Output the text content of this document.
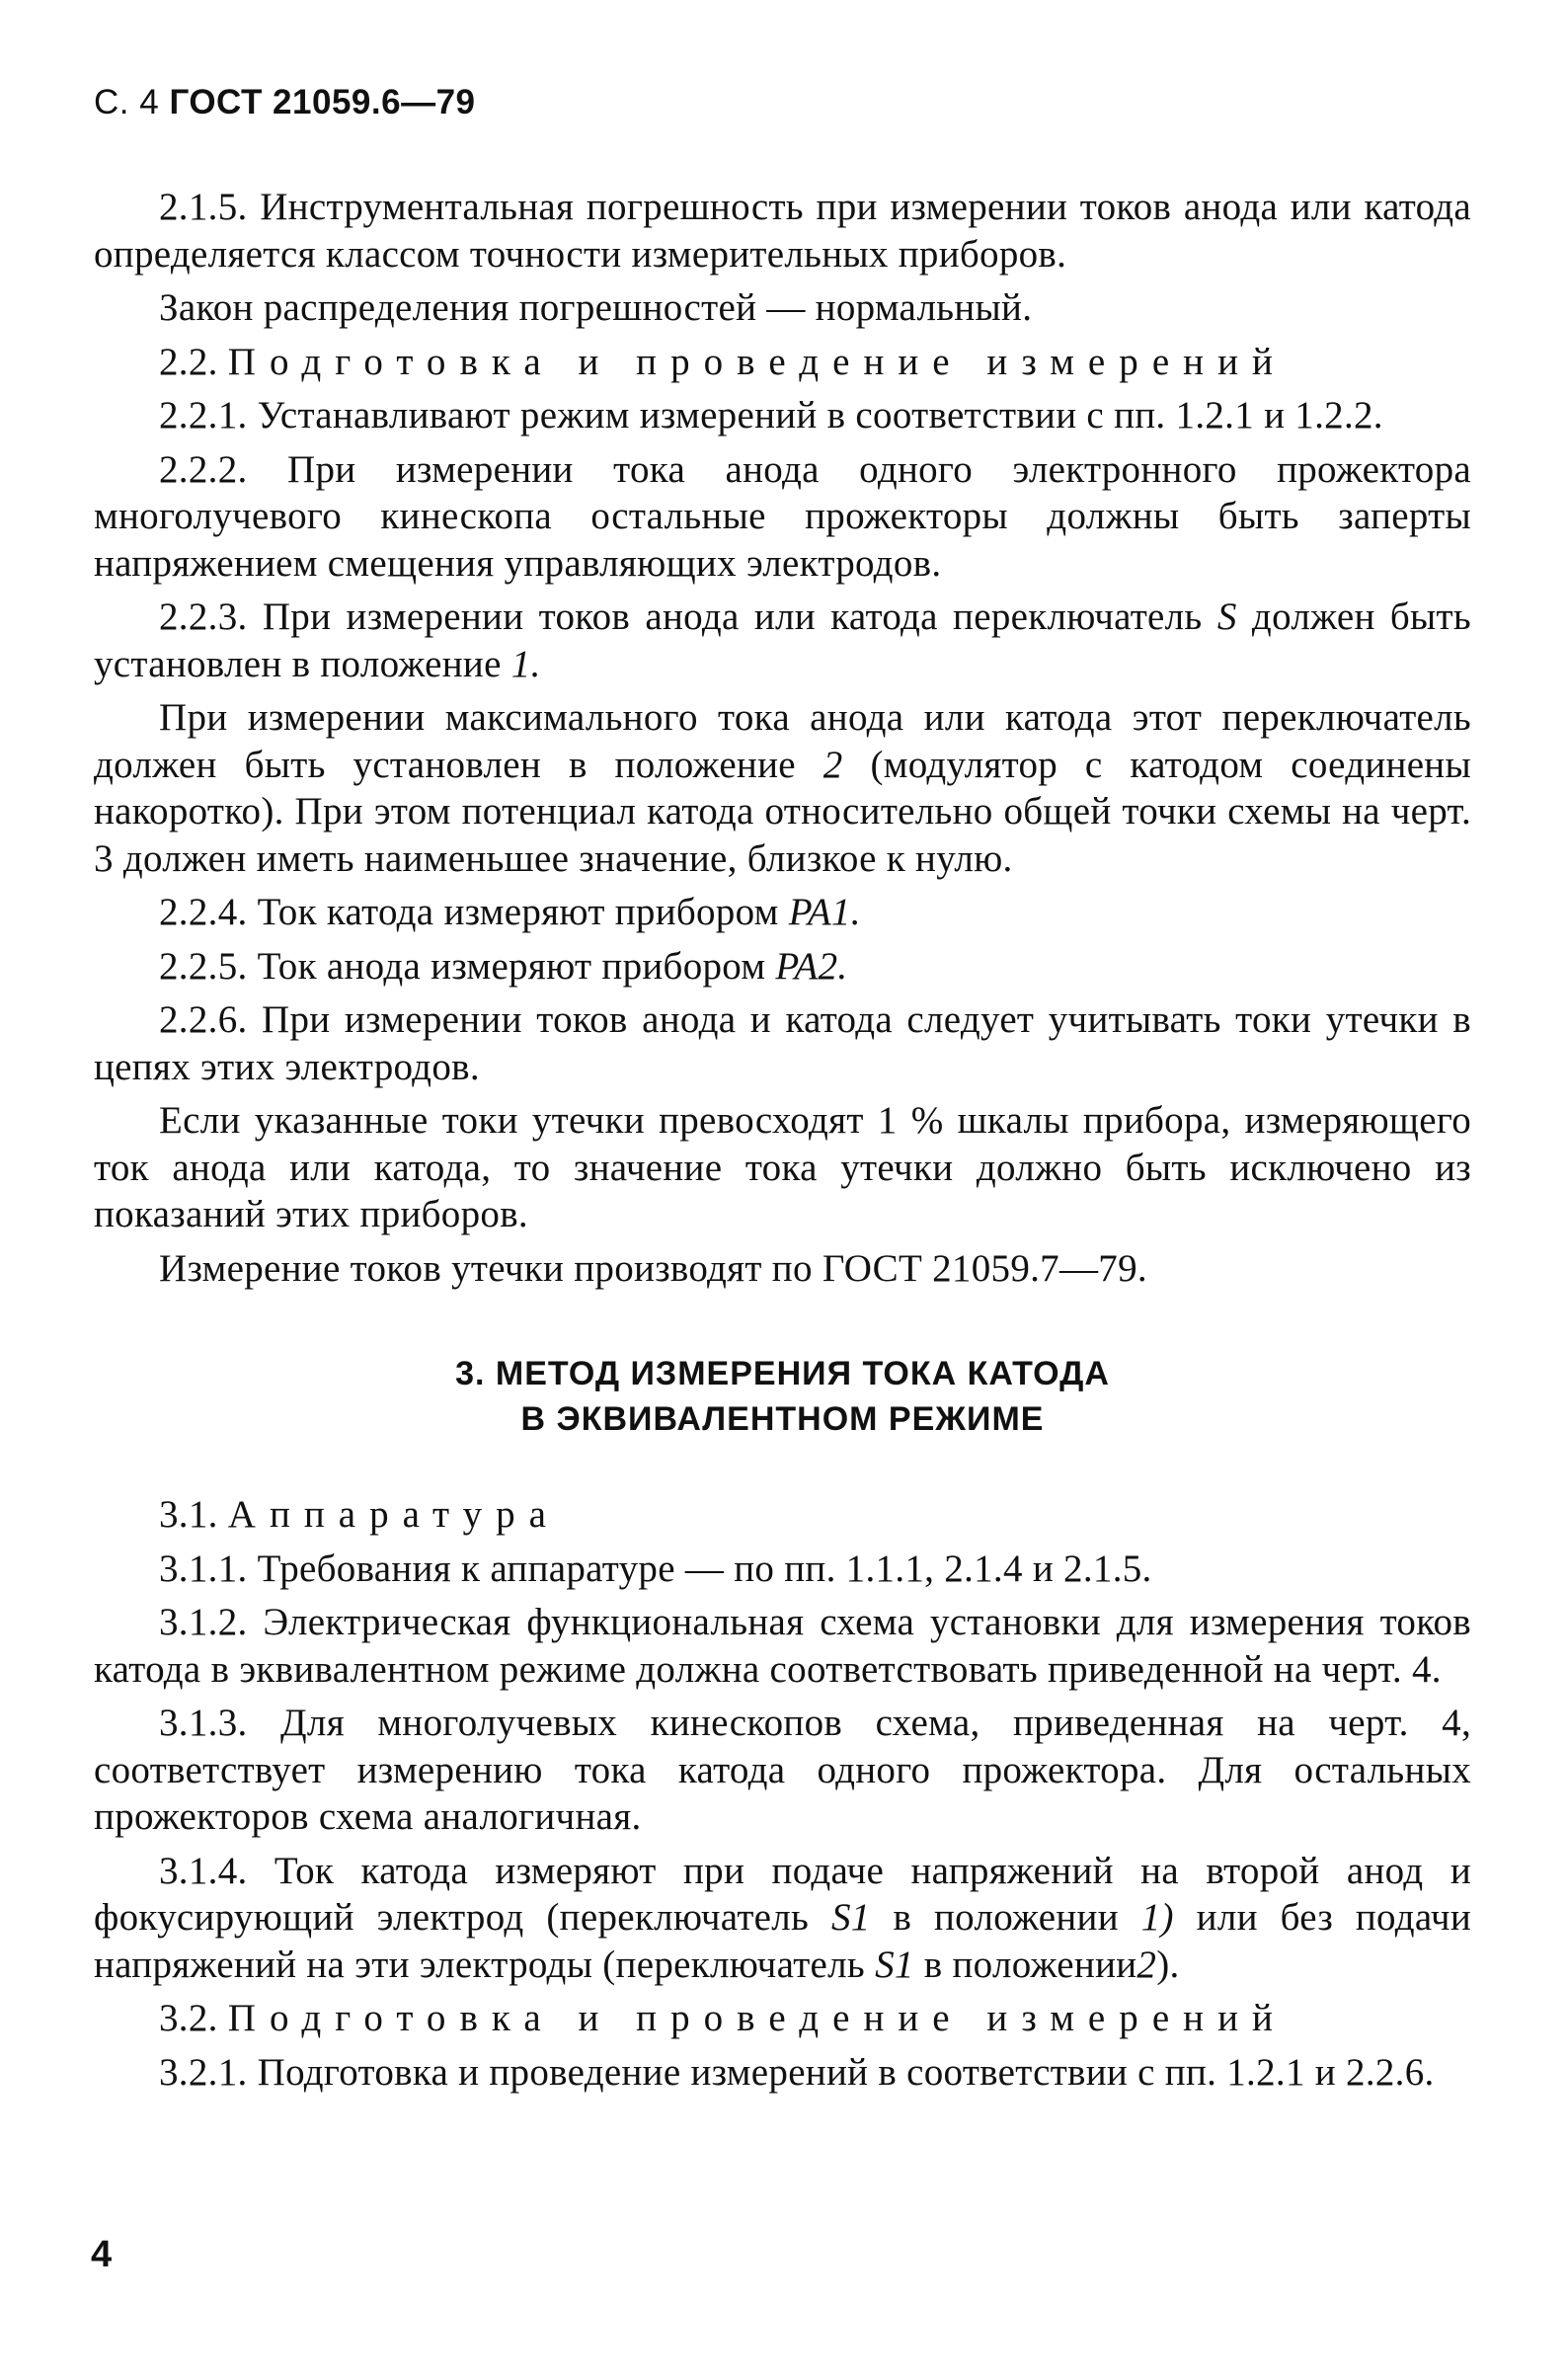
С. 4 ГОСТ 21059.6—79

2.1.5. Инструментальная погрешность при измерении токов анода или катода определяется классом точности измерительных приборов.

Закон распределения погрешностей — нормальный.

2.2. Подготовка и проведение измерений

2.2.1. Устанавливают режим измерений в соответствии с пп. 1.2.1 и 1.2.2.

2.2.2. При измерении тока анода одного электронного прожектора многолучевого кинескопа остальные прожекторы должны быть заперты напряжением смещения управляющих электродов.

2.2.3. При измерении токов анода или катода переключатель S должен быть установлен в положение 1.

При измерении максимального тока анода или катода этот переключатель должен быть установлен в положение 2 (модулятор с катодом соединены накоротко). При этом потенциал катода относительно общей точки схемы на черт. 3 должен иметь наименьшее значение, близкое к нулю.

2.2.4. Ток катода измеряют прибором PA1.

2.2.5. Ток анода измеряют прибором PA2.

2.2.6. При измерении токов анода и катода следует учитывать токи утечки в цепях этих электродов.

Если указанные токи утечки превосходят 1 % шкалы прибора, измеряющего ток анода или катода, то значение тока утечки должно быть исключено из показаний этих приборов.

Измерение токов утечки производят по ГОСТ 21059.7—79.

3. МЕТОД ИЗМЕРЕНИЯ ТОКА КАТОДА
В ЭКВИВАЛЕНТНОМ РЕЖИМЕ

3.1. Аппаратура

3.1.1. Требования к аппаратуре — по пп. 1.1.1, 2.1.4 и 2.1.5.

3.1.2. Электрическая функциональная схема установки для измерения токов катода в эквивалентном режиме должна соответствовать приведенной на черт. 4.

3.1.3. Для многолучевых кинескопов схема, приведенная на черт. 4, соответствует измерению тока катода одного прожектора. Для остальных прожекторов схема аналогичная.

3.1.4. Ток катода измеряют при подаче напряжений на второй анод и фокусирующий электрод (переключатель S1 в положении 1) или без подачи напряжений на эти электроды (переключатель S1 в положении2).

3.2. Подготовка и проведение измерений

3.2.1. Подготовка и проведение измерений в соответствии с пп. 1.2.1 и 2.2.6.

4
